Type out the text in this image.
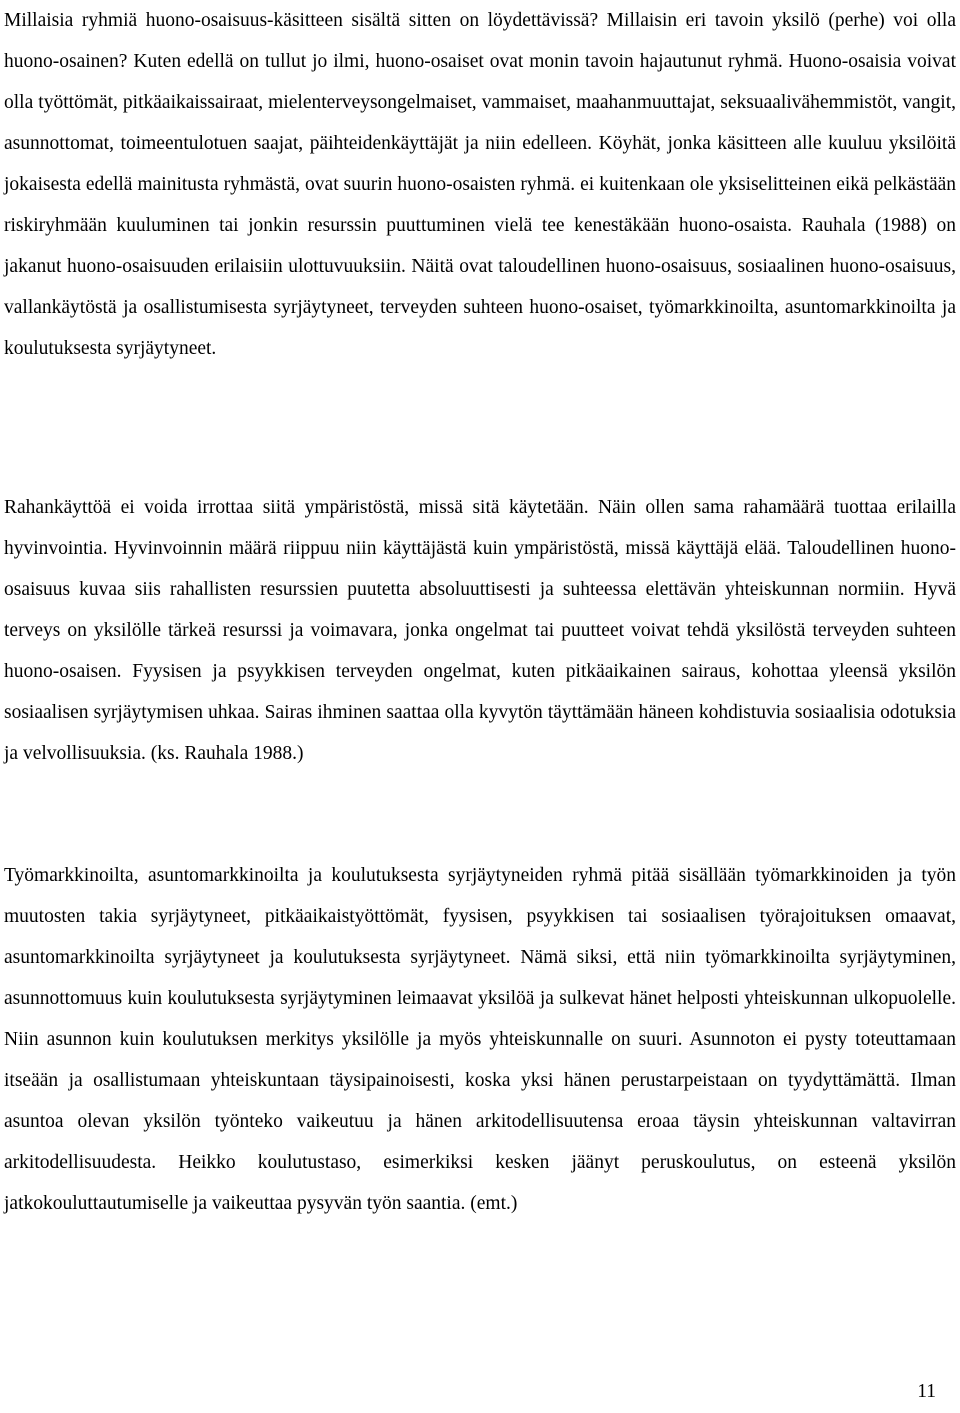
Millaisia ryhmiä huono-osaisuus-käsitteen sisältä sitten on löydettävissä? Millaisin eri tavoin yksilö (perhe) voi olla huono-osainen? Kuten edellä on tullut jo ilmi, huono-osaiset ovat monin tavoin hajautunut ryhmä. Huono-osaisia voivat olla työttömät, pitkäaikaissairaat, mielenterveysongelmaiset, vammaiset, maahanmuuttajat, seksuaalivähemmistöt, vangit, asunnottomat, toimeentulotuen saajat, päihteidenkäyttäjät ja niin edelleen. Köyhät, jonka käsitteen alle kuuluu yksilöitä jokaisesta edellä mainitusta ryhmästä, ovat suurin huono-osaisten ryhmä. ei kuitenkaan ole yksiselitteinen eikä pelkästään riskiryhmään kuuluminen tai jonkin resurssin puuttuminen vielä tee kenestäkään huono-osaista. Rauhala (1988) on jakanut huono-osaisuuden erilaisiin ulottuvuuksiin. Näitä ovat taloudellinen huono-osaisuus, sosiaalinen huono-osaisuus, vallankäytöstä ja osallistumisesta syrjäytyneet, terveyden suhteen huono-osaiset, työmarkkinoilta, asuntomarkkinoilta ja koulutuksesta syrjäytyneet.

Rahankäyttöä ei voida irrottaa siitä ympäristöstä, missä sitä käytetään. Näin ollen sama rahamäärä tuottaa erilailla hyvinvointia. Hyvinvoinnin määrä riippuu niin käyttäjästä kuin ympäristöstä, missä käyttäjä elää. Taloudellinen huono-osaisuus kuvaa siis rahallisten resurssien puutetta absoluuttisesti ja suhteessa elettävän yhteiskunnan normiin. Hyvä terveys on yksilölle tärkeä resurssi ja voimavara, jonka ongelmat tai puutteet voivat tehdä yksilöstä terveyden suhteen huono-osaisen. Fyysisen ja psyykkisen terveyden ongelmat, kuten pitkäaikainen sairaus, kohottaa yleensä yksilön sosiaalisen syrjäytymisen uhkaa. Sairas ihminen saattaa olla kyvytön täyttämään häneen kohdistuvia sosiaalisia odotuksia ja velvollisuuksia. (ks. Rauhala 1988.)

Työmarkkinoilta, asuntomarkkinoilta ja koulutuksesta syrjäytyneiden ryhmä pitää sisällään työmarkkinoiden ja työn muutosten takia syrjäytyneet, pitkäaikaistyöttömät, fyysisen, psyykkisen tai sosiaalisen työrajoituksen omaavat, asuntomarkkinoilta syrjäytyneet ja koulutuksesta syrjäytyneet. Nämä siksi, että niin työmarkkinoilta syrjäytyminen, asunnottomuus kuin koulutuksesta syrjäytyminen leimaavat yksilöä ja sulkevat hänet helposti yhteiskunnan ulkopuolelle. Niin asunnon kuin koulutuksen merkitys yksilölle ja myös yhteiskunnalle on suuri. Asunnoton ei pysty toteuttamaan itseään ja osallistumaan yhteiskuntaan täysipainoisesti, koska yksi hänen perustarpeistaan on tyydyttämättä. Ilman asuntoa olevan yksilön työnteko vaikeutuu ja hänen arkitodellisuutensa eroaa täysin yhteiskunnan valtavirran arkitodellisuudesta. Heikko koulutustaso, esimerkiksi kesken jäänyt peruskoulutus, on esteenä yksilön jatkokouluttautumiselle ja vaikeuttaa pysyvän työn saantia. (emt.)

11
